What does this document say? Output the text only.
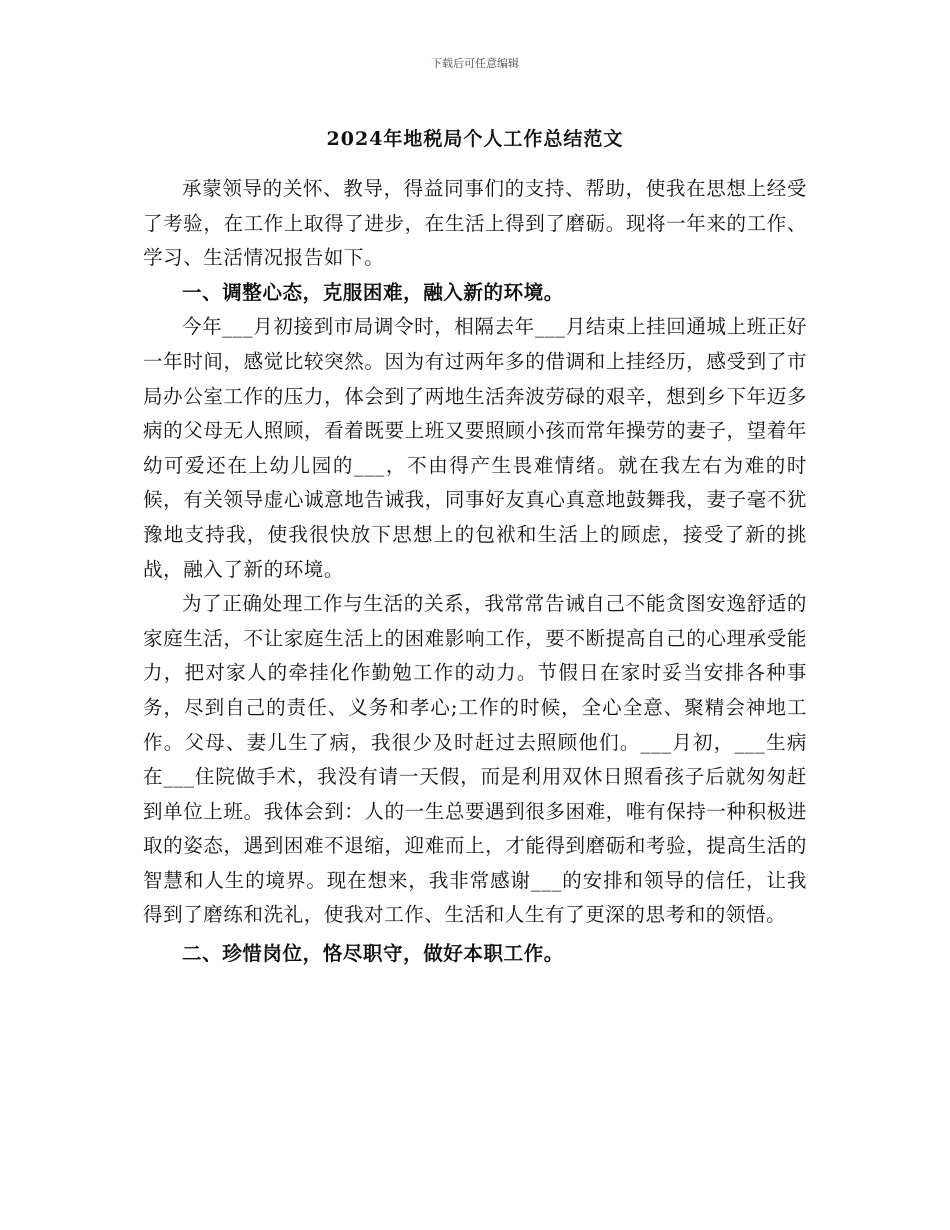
下载后可任意编辑
2024年地税局个人工作总结范文

承蒙领导的关怀、教导，得益同事们的支持、帮助，使我在思想上经受了考验，在工作上取得了进步，在生活上得到了磨砺。现将一年来的工作、学习、生活情况报告如下。

一、调整心态，克服困难，融入新的环境。

今年___月初接到市局调令时，相隔去年___月结束上挂回通城上班正好一年时间，感觉比较突然。因为有过两年多的借调和上挂经历，感受到了市局办公室工作的压力，体会到了两地生活奔波劳碌的艰辛，想到乡下年迈多病的父母无人照顾，看着既要上班又要照顾小孩而常年操劳的妻子，望着年幼可爱还在上幼儿园的___，不由得产生畏难情绪。就在我左右为难的时候，有关领导虚心诚意地告诫我，同事好友真心真意地鼓舞我，妻子毫不犹豫地支持我，使我很快放下思想上的包袱和生活上的顾虑，接受了新的挑战，融入了新的环境。

为了正确处理工作与生活的关系，我常常告诫自己不能贪图安逸舒适的家庭生活，不让家庭生活上的困难影响工作，要不断提高自己的心理承受能力，把对家人的牵挂化作勤勉工作的动力。节假日在家时妥当安排各种事务，尽到自己的责任、义务和孝心;工作的时候，全心全意、聚精会神地工作。父母、妻儿生了病，我很少及时赶过去照顾他们。___月初，___生病在___住院做手术，我没有请一天假，而是利用双休日照看孩子后就匆匆赶到单位上班。我体会到：人的一生总要遇到很多困难，唯有保持一种积极进取的姿态，遇到困难不退缩，迎难而上，才能得到磨砺和考验，提高生活的智慧和人生的境界。现在想来，我非常感谢___的安排和领导的信任，让我得到了磨练和洗礼，使我对工作、生活和人生有了更深的思考和的领悟。

二、珍惜岗位，恪尽职守，做好本职工作。
